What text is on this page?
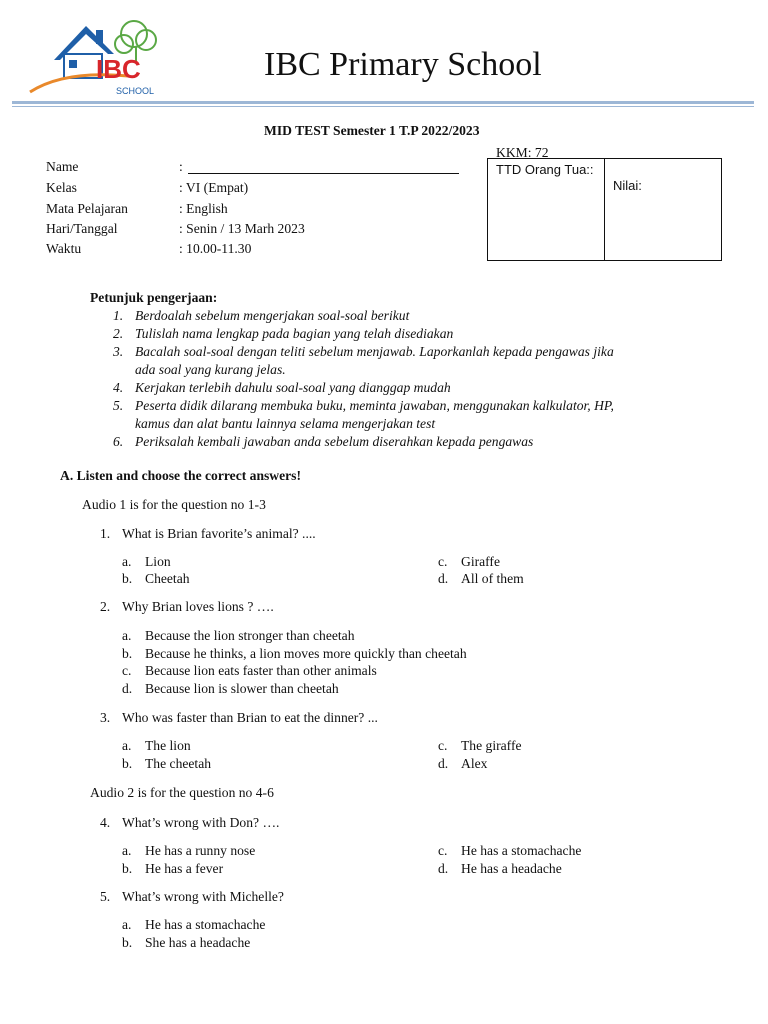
IBC
SCHOOL
IBC Primary School
MID TEST Semester 1 T.P 2022/2023
KKM: 72
Name	:
Kelas	: VI (Empat)
Mata Pelajaran	: English
Hari/Tanggal	: Senin / 13 Marh 2023
Waktu	: 10.00-11.30
TTD Orang Tua::
Nilai:
Petunjuk pengerjaan:
1. Berdoalah sebelum mengerjakan soal-soal berikut
2. Tulislah nama lengkap pada bagian yang telah disediakan
3. Bacalah soal-soal dengan teliti sebelum menjawab. Laporkanlah kepada pengawas jika
ada soal yang kurang jelas.
4. Kerjakan terlebih dahulu soal-soal yang dianggap mudah
5. Peserta didik dilarang membuka buku, meminta jawaban, menggunakan kalkulator, HP,
kamus dan alat bantu lainnya selama mengerjakan test
6. Periksalah kembali jawaban anda sebelum diserahkan kepada pengawas
A. Listen and choose the correct answers!
Audio 1 is for the question no 1-3
1. What is Brian favorite’s animal? ....
a. Lion
b. Cheetah
c. Giraffe
d. All of them
2. Why Brian loves lions ? ….
a. Because the lion stronger than cheetah
b. Because he thinks, a lion moves more quickly than cheetah
c. Because lion eats faster than other animals
d. Because lion is slower than cheetah
3. Who was faster than Brian to eat the dinner? ...
a. The lion
b. The cheetah
c. The giraffe
d. Alex
Audio 2 is for the question no 4-6
4. What’s wrong with Don? ….
a. He has a runny nose
b. He has a fever
c. He has a stomachache
d. He has a headache
5. What’s wrong with Michelle?
a. He has a stomachache
b. She has a headache
